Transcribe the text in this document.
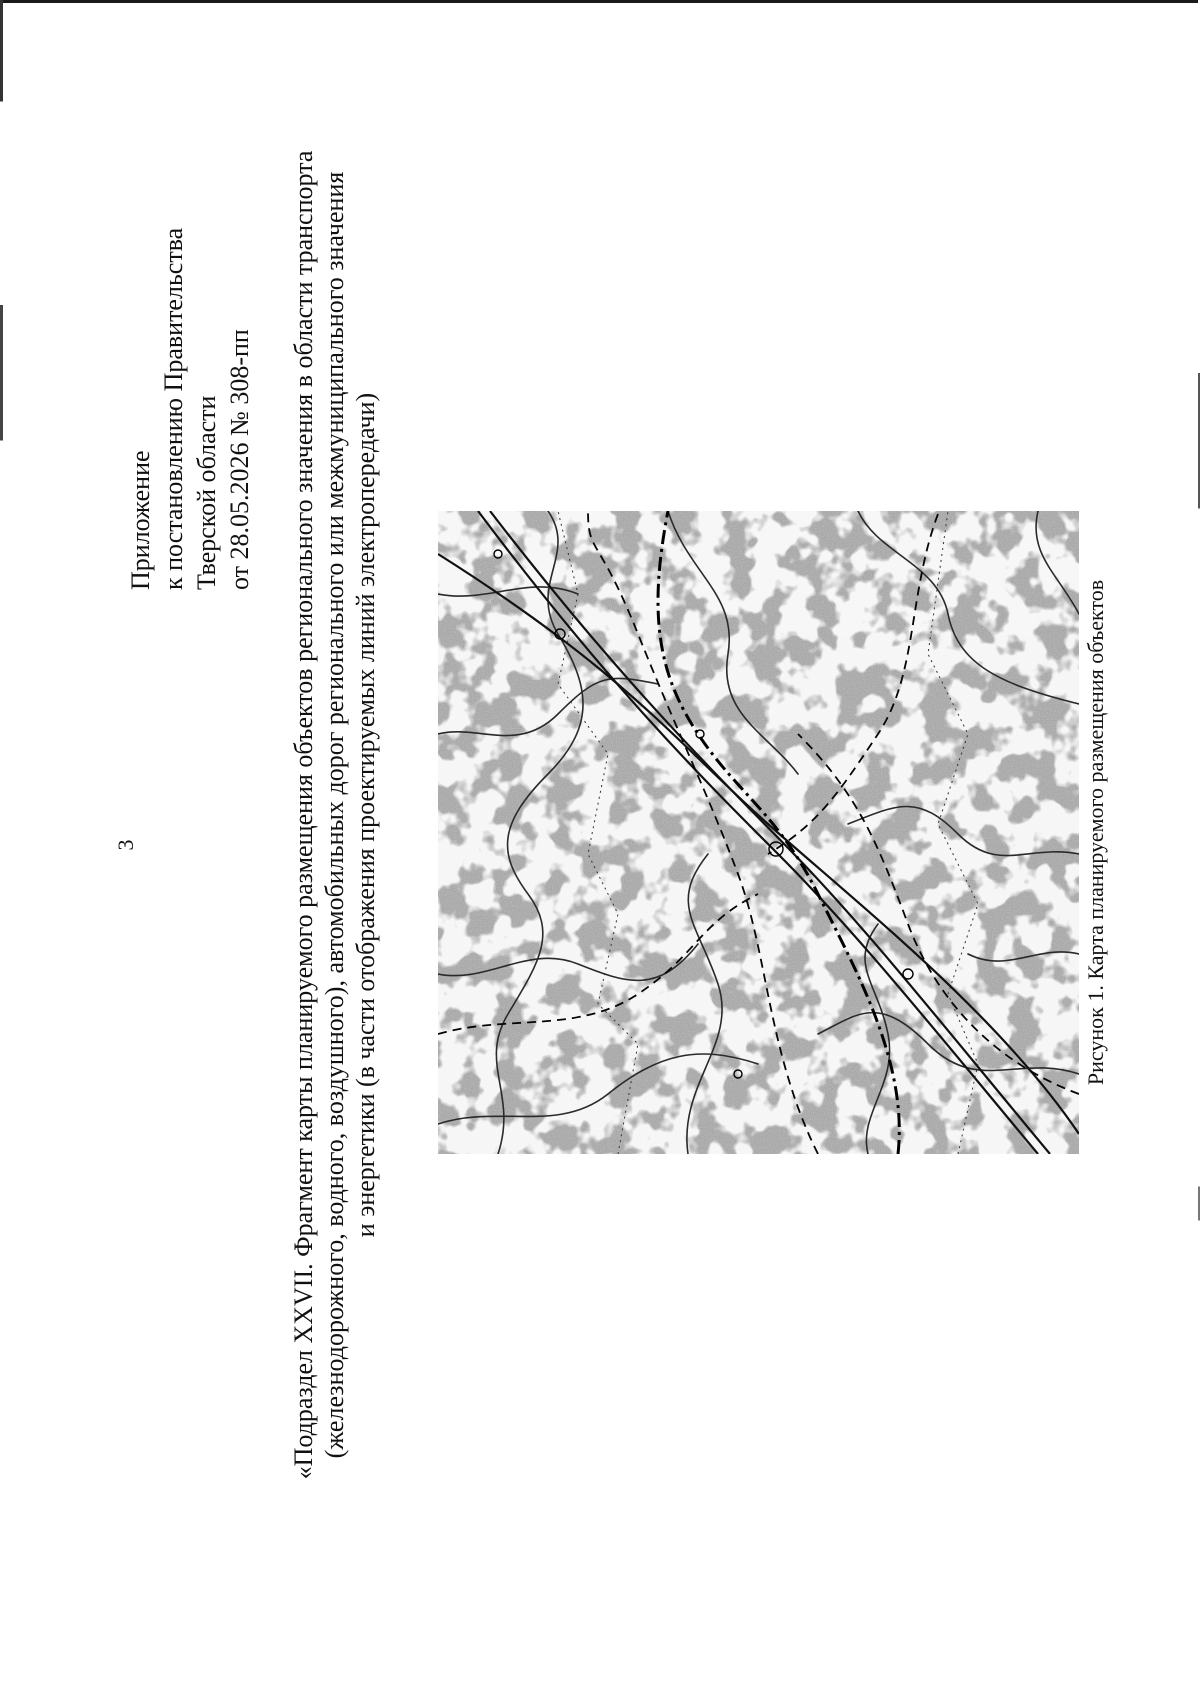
3
Приложение к постановлению Правительства Тверской области от 28.05.2026 № 308-пп «Подраздел XXVII. Фрагмент карты планируемого размещения объектов регионального значения в области транспорта (железнодорожного, водного, воздушного), автомобильных дорог регионального или межмуниципального значения и энергетики (в части отображения проектируемых линий электропередачи)	Рисунок 1. Карта планируемого размещения объектов
